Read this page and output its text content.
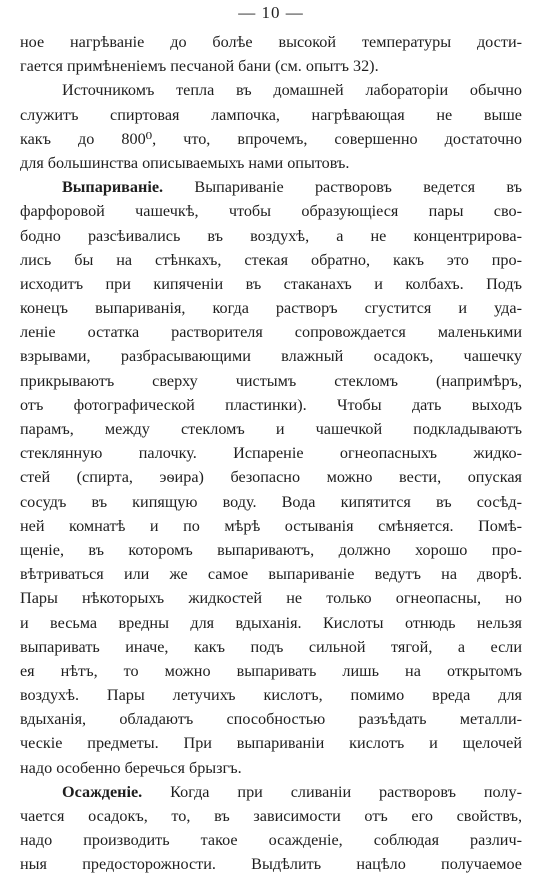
— 10 —
ное нагрѣваніе до болѣе высокой температуры дости-
гается примѣненіемъ песчаной бани (см. опытъ 32).
Источникомъ тепла въ домашней лабораторіи обычно
служитъ спиртовая лампочка, нагрѣвающая не выше
какъ до 800⁰, что, впрочемъ, совершенно достаточно
для большинства описываемыхъ нами опытовъ.
Выпариваніе. Выпариваніе растворовъ ведется въ
фарфоровой чашечкѣ, чтобы образующіеся пары сво-
бодно разсѣивались въ воздухѣ, а не концентрирова-
лись бы на стѣнкахъ, стекая обратно, какъ это про-
исходитъ при кипяченіи въ стаканахъ и колбахъ. Подъ
конецъ выпариванія, когда растворъ сгустится и уда-
леніе остатка растворителя сопровождается маленькими
взрывами, разбрасывающими влажный осадокъ, чашечку
прикрываютъ сверху чистымъ стекломъ (напримѣръ,
отъ фотографической пластинки). Чтобы дать выходъ
парамъ, между стекломъ и чашечкой подкладываютъ
стеклянную палочку. Испареніе огнеопасныхъ жидко-
стей (спирта, эѳира) безопасно можно вести, опуская
сосудъ въ кипящую воду. Вода кипятится въ сосѣд-
ней комнатѣ и по мѣрѣ остыванія смѣняется. Помѣ-
щеніе, въ которомъ выпариваютъ, должно хорошо про-
вѣтриваться или же самое выпариваніе ведутъ на дворѣ.
Пары нѣкоторыхъ жидкостей не только огнеопасны, но
и весьма вредны для вдыханія. Кислоты отнюдь нельзя
выпаривать иначе, какъ подъ сильной тягой, а если
ея нѣтъ, то можно выпаривать лишь на открытомъ
воздухѣ. Пары летучихъ кислотъ, помимо вреда для
вдыханія, обладаютъ способностью разъѣдать металли-
ческіе предметы. При выпариваніи кислотъ и щелочей
надо особенно беречься брызгъ.
Осажденіе. Когда при сливаніи растворовъ полу-
чается осадокъ, то, въ зависимости отъ его свойствъ,
надо производить такое осажденіе, соблюдая различ-
ныя предосторожности. Выдѣлить нацѣло получаемое
